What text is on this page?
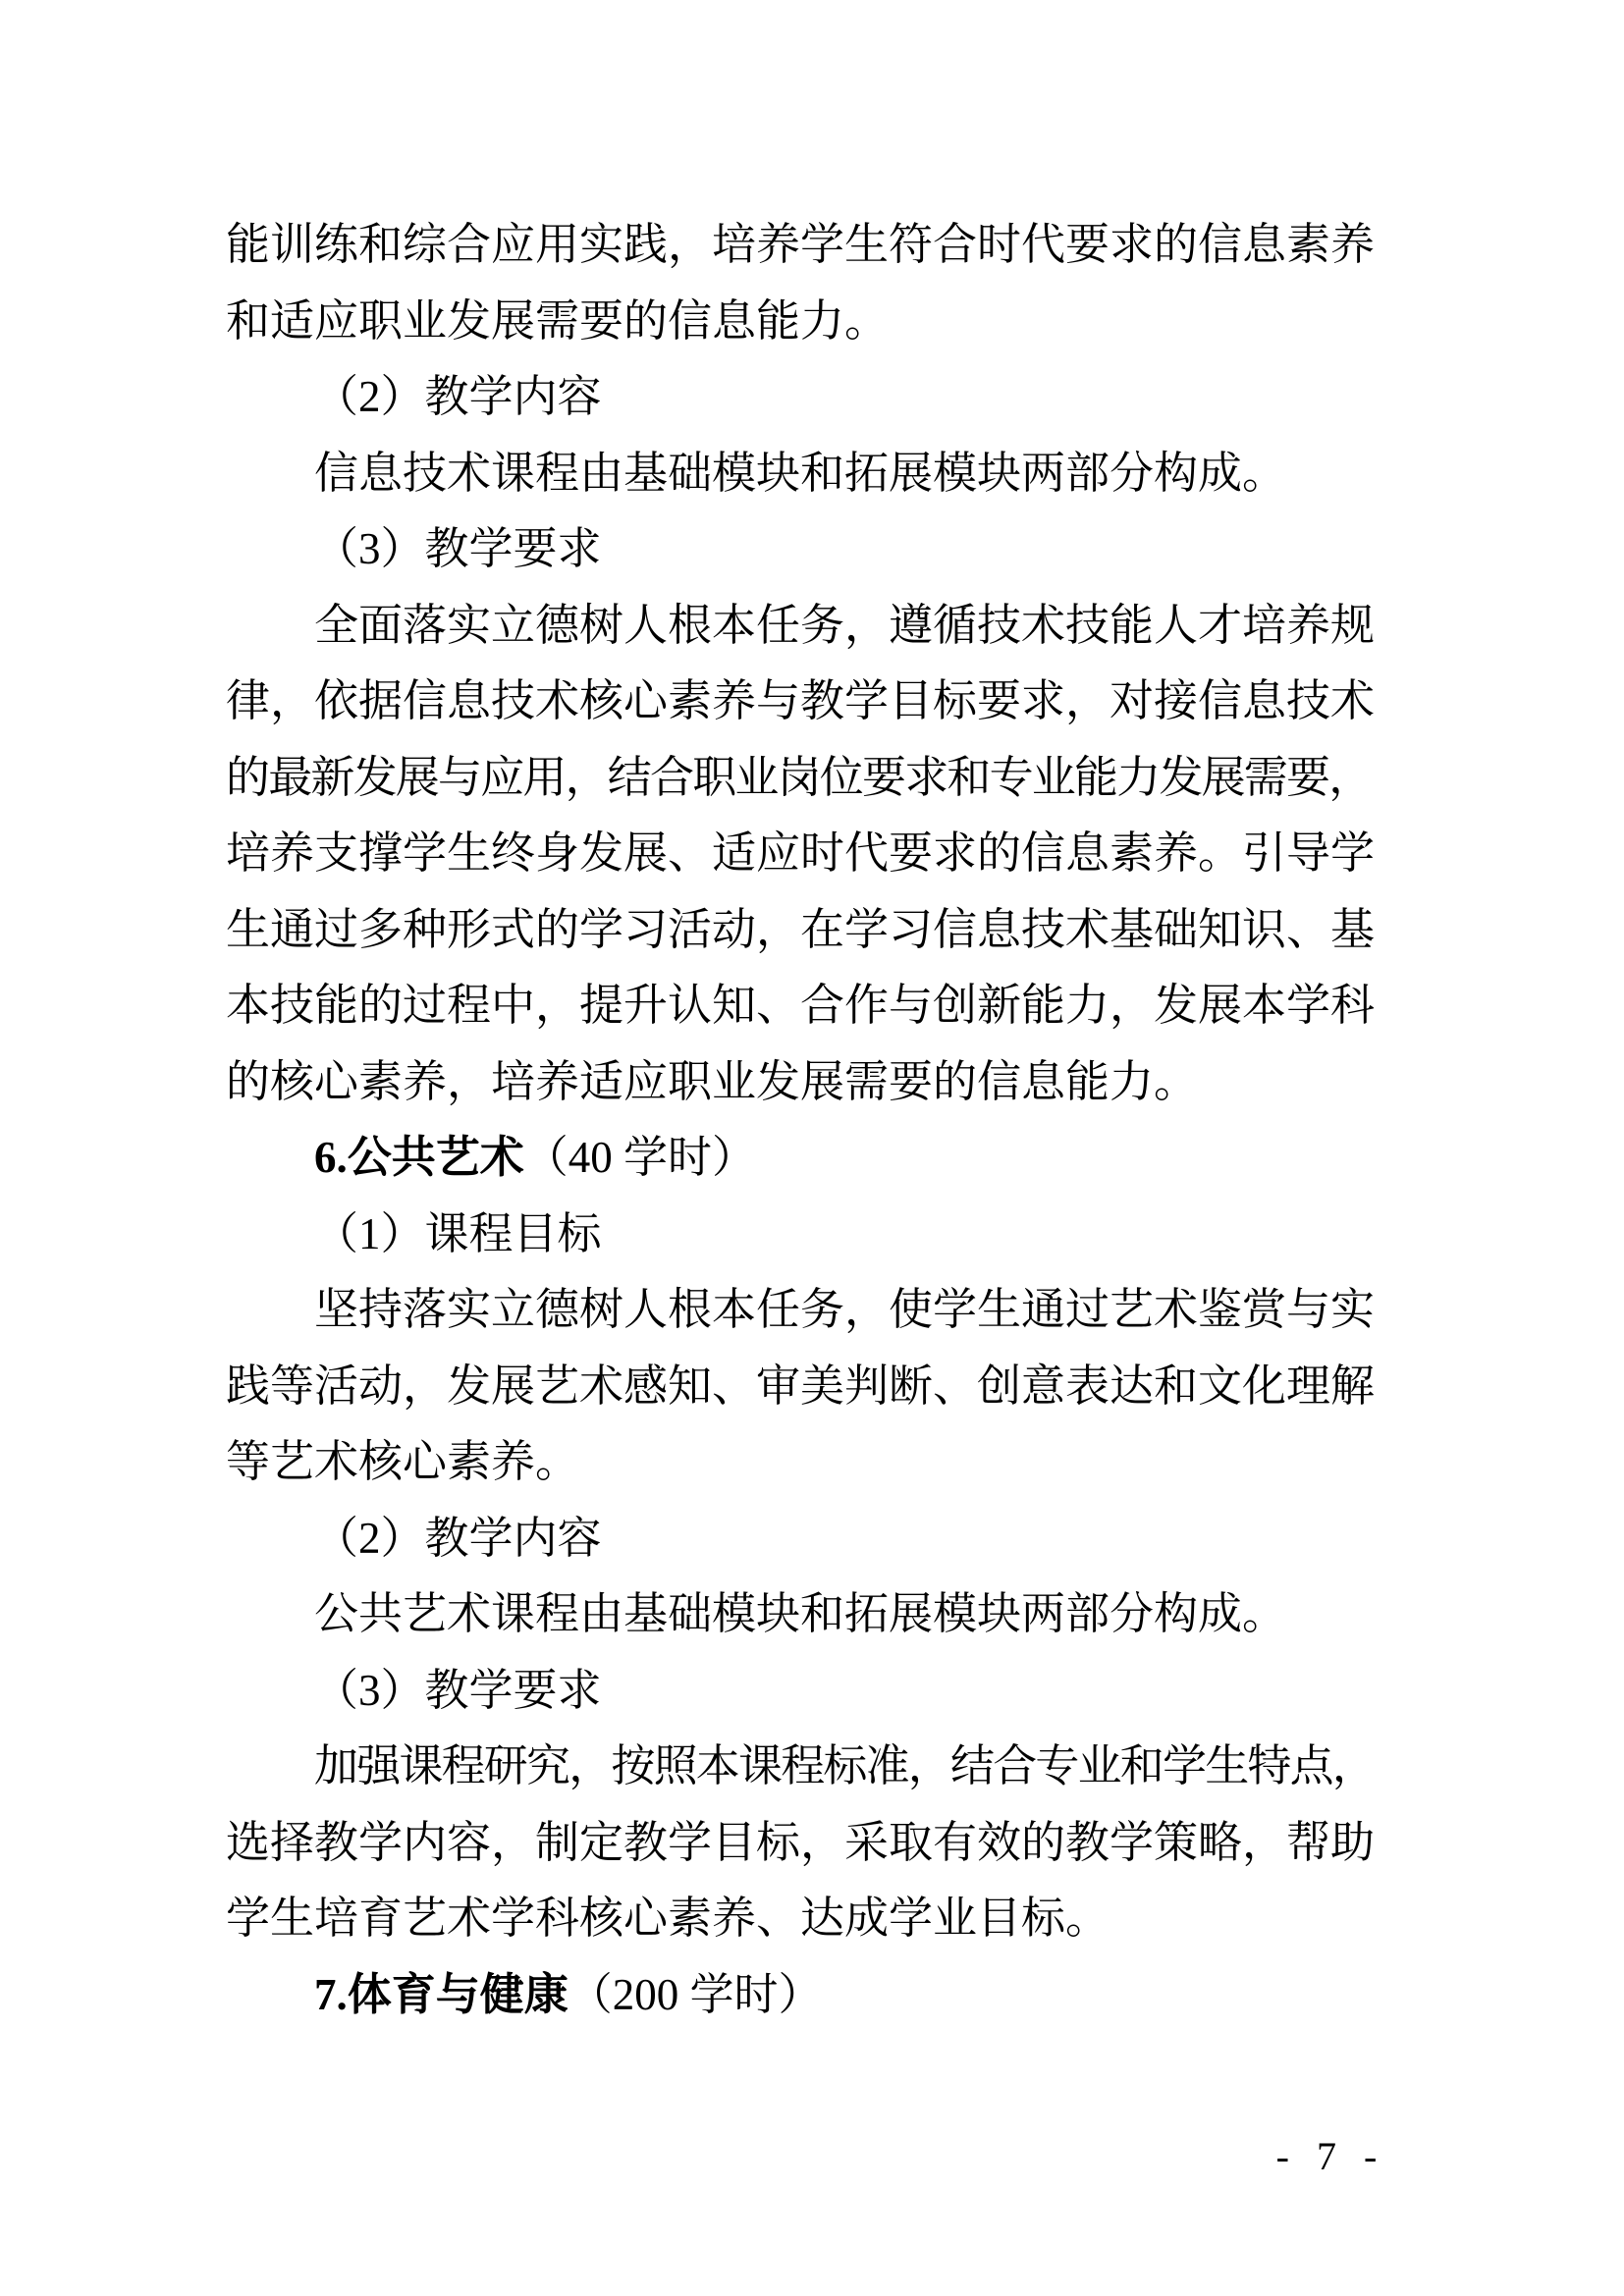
能训练和综合应用实践，培养学生符合时代要求的信息素养
和适应职业发展需要的信息能力。
（2）教学内容
信息技术课程由基础模块和拓展模块两部分构成。
（3）教学要求
全面落实立德树人根本任务，遵循技术技能人才培养规
律，依据信息技术核心素养与教学目标要求，对接信息技术
的最新发展与应用，结合职业岗位要求和专业能力发展需要，
培养支撑学生终身发展、适应时代要求的信息素养。引导学
生通过多种形式的学习活动，在学习信息技术基础知识、基
本技能的过程中，提升认知、合作与创新能力，发展本学科
的核心素养，培养适应职业发展需要的信息能力。
6.公共艺术（40 学时）
（1）课程目标
坚持落实立德树人根本任务，使学生通过艺术鉴赏与实
践等活动，发展艺术感知、审美判断、创意表达和文化理解
等艺术核心素养。
（2）教学内容
公共艺术课程由基础模块和拓展模块两部分构成。
（3）教学要求
加强课程研究，按照本课程标准，结合专业和学生特点，
选择教学内容，制定教学目标，采取有效的教学策略，帮助
学生培育艺术学科核心素养、达成学业目标。
7.体育与健康（200 学时）
- 7 -
